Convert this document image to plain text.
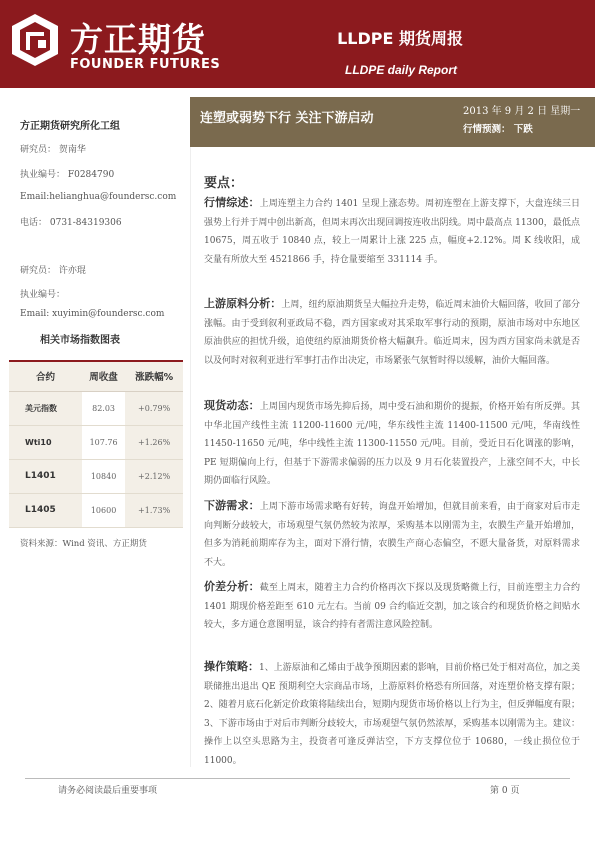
方正期货
FOUNDER FUTURES
LLDPE 期货周报
LLDPE daily Report
连塑或弱势下行 关注下游启动	2013 年 9 月 2 日 星期一
行情预测： 下跌
方正期货研究所化工组
研究员： 贺南华
执业编号： F0284790
Email:helianghua@foundersc.com
电话： 0731-84319306
研究员： 许亦琨
执业编号：
Email: xuyimin@foundersc.com
相关市场指数图表
合约	周收盘	涨跌幅%
美元指数	82.03	+0.79%
Wti10	107.76	+1.26%
L1401	10840	+2.12%
L1405	10600	+1.73%
资料来源：Wind 资讯、方正期货
要点：
行情综述：上周连塑主力合约 1401 呈现上涨态势。周初连塑在上游支撑下，大盘连续三日强势上行并于周中创出新高，但周末再次出现回调按连收出阴线。周中最高点 11300，最低点 10675，周五收于 10840 点，较上一周累计上涨 225 点，幅度+2.12%。周 K 线收阳，成交量有所放大至 4521866 手，持仓量要缩至 331114 手。
上游原料分析：上周，纽约原油期货呈大幅拉升走势，临近周末油价大幅回落，收回了部分涨幅。由于受到叙利亚政局不稳，西方国家或对其采取军事行动的预期，原油市场对中东地区原油供应的担忧升级，追使纽约原油期货价格大幅飙升。临近周末，因为西方国家尚未就是否以及何时对叙利亚进行军事打击作出决定，市场紧张气氛暂时得以缓解，油价大幅回落。
现货动态：上周国内现货市场先抑后扬，周中受石油和期价的提振，价格开始有所反弹。其中华北国产线性主流 11200-11600 元/吨，华东线性主流 11400-11500 元/吨，华南线性 11450-11650 元/吨，华中线性主流 11300-11550 元/吨。目前，受近日石化调涨的影响，PE 短期偏向上行，但基于下游需求偏弱的压力以及 9 月石化装置投产，上涨空间不大，中长期仍面临行风险。
下游需求：上周下游市场需求略有好转，询盘开始增加，但就目前来看，由于商家对后市走向判断分歧较大，市场观望气氛仍然较为浓厚，采购基本以刚需为主，农膜生产量开始增加，但多为消耗前期库存为主，面对下滑行情，农膜生产商心态偏空，不愿大量备货，对原料需求不大。
价差分析：截至上周末，随着主力合约价格再次下探以及现货略微上行，目前连塑主力合约 1401 期现价格差距至 610 元左右。当前 09 合约临近交割，加之该合约和现货价格之间贴水较大，多方通仓意图明显，该合约持有者需注意风险控制。
操作策略：1、上游原油和乙烯由于战争预期因素的影响，目前价格已处于相对高位，加之美联储推出退出 QE 预期利空大宗商品市场，上游原料价格恐有所回落，对连塑价格支撑有限；2、随着月底石化新定价政策将陆续出台，短期内现货市场价格以上行为主，但反弹幅度有限；3、下游市场由于对后市判断分歧较大，市场观望气氛仍然浓厚，采购基本以刚需为主。建议：操作上以空头思路为主，投资者可逢反弹沽空，下方支撑位位于 10680，一线止损位位于 11000。
请务必阅读最后重要事项	第 0 页
